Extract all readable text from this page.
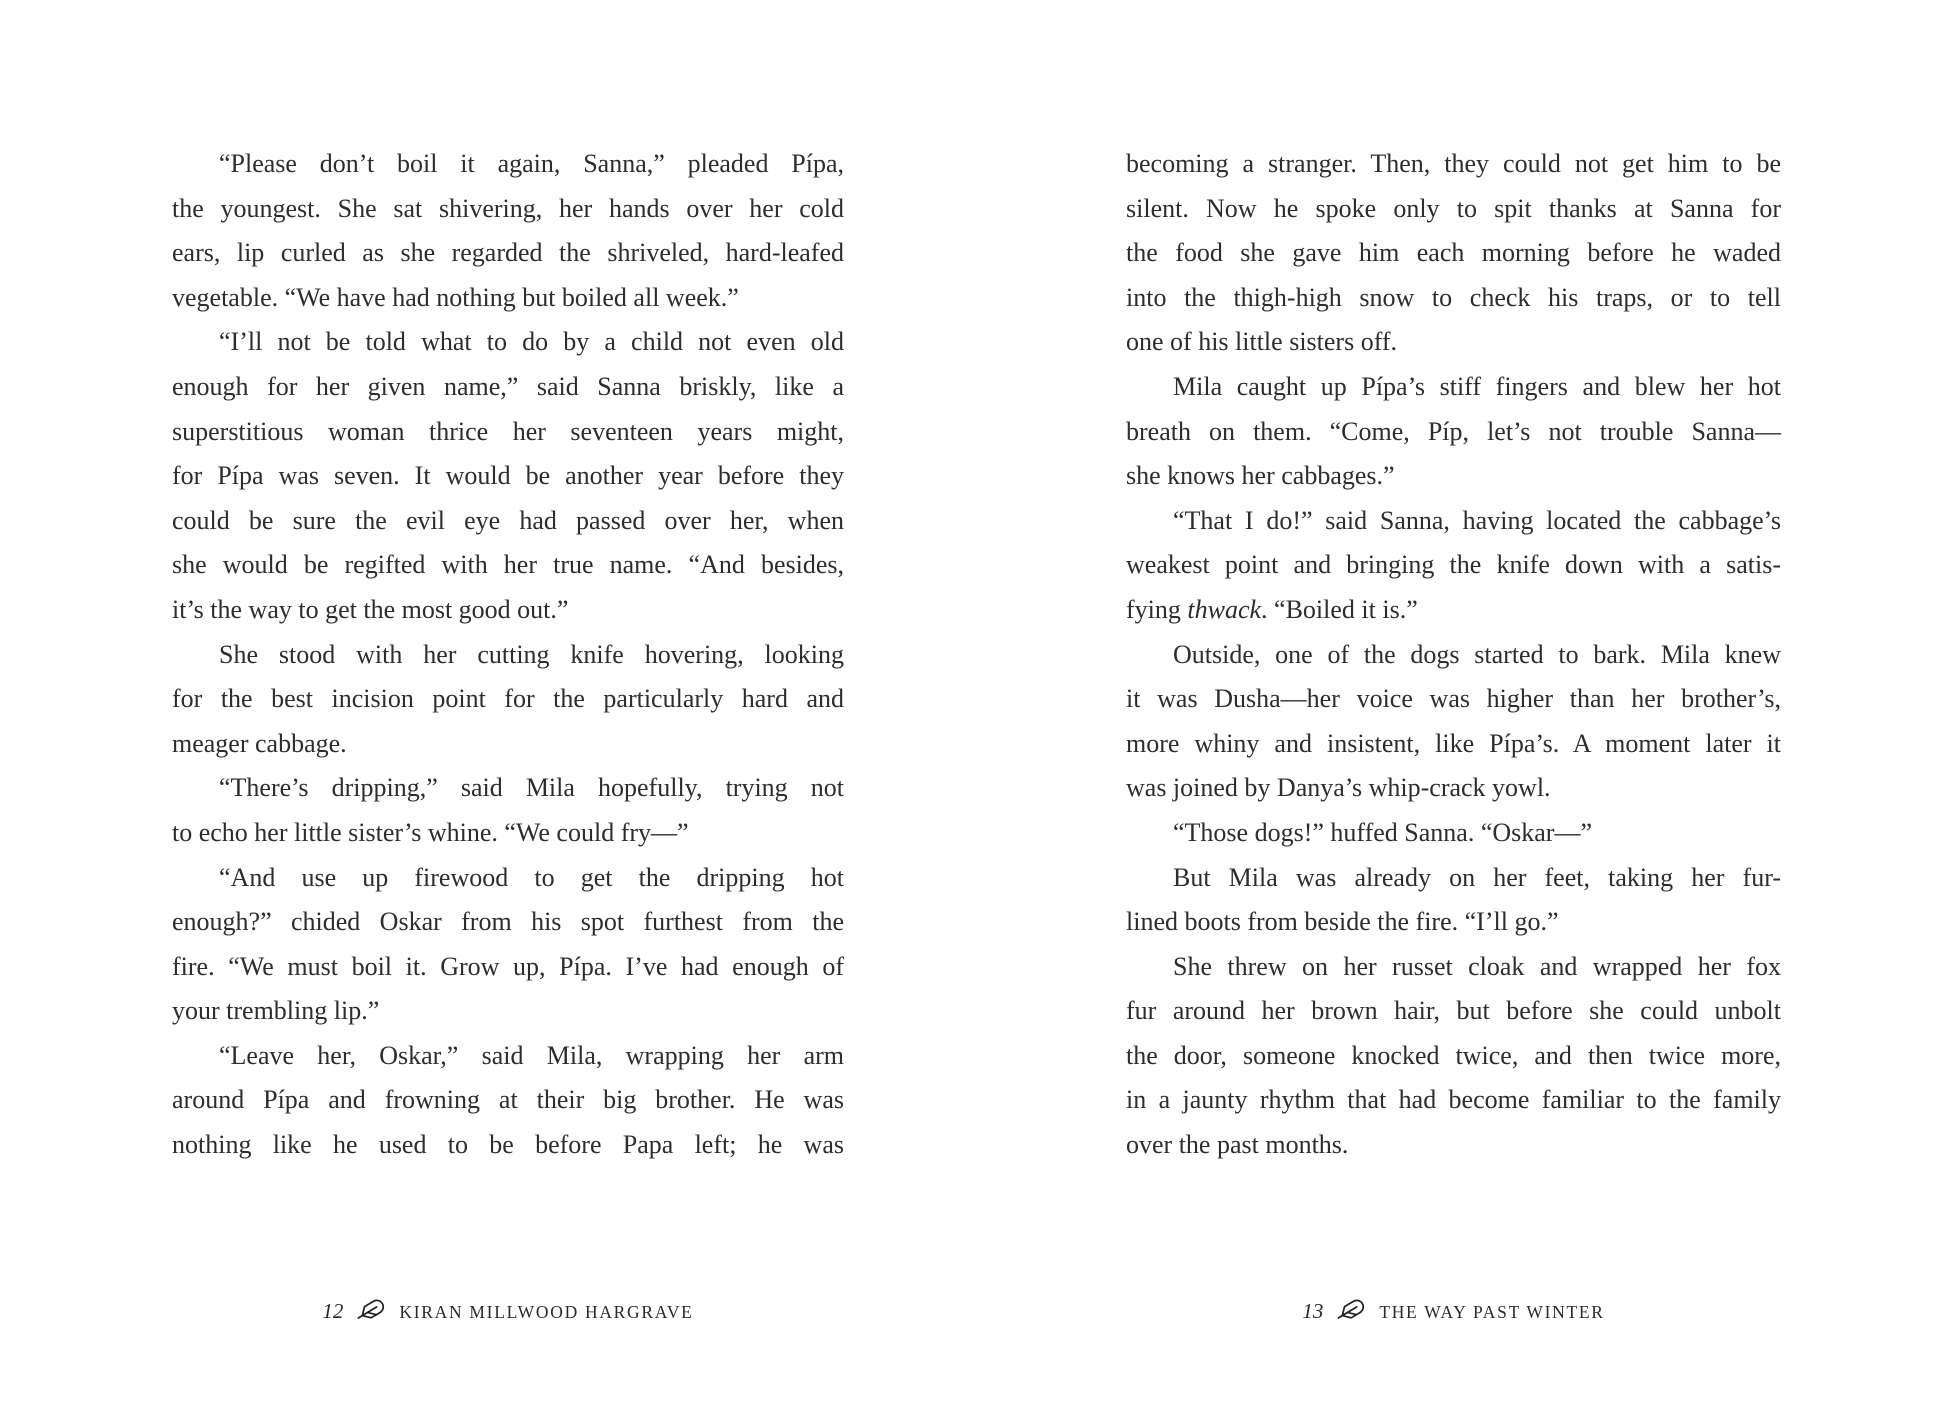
“Please don’t boil it again, Sanna,” pleaded Pípa,
the youngest. She sat shivering, her hands over her cold
ears, lip curled as she regarded the shriveled, hard-leafed
vegetable. “We have had nothing but boiled all week.”
“I’ll not be told what to do by a child not even old
enough for her given name,” said Sanna briskly, like a
superstitious woman thrice her seventeen years might,
for Pípa was seven. It would be another year before they
could be sure the evil eye had passed over her, when
she would be regifted with her true name. “And besides,
it’s the way to get the most good out.”
She stood with her cutting knife hovering, looking
for the best incision point for the particularly hard and
meager cabbage.
“There’s dripping,” said Mila hopefully, trying not
to echo her little sister’s whine. “We could fry—”
“And use up firewood to get the dripping hot
enough?” chided Oskar from his spot furthest from the
fire. “We must boil it. Grow up, Pípa. I’ve had enough of
your trembling lip.”
“Leave her, Oskar,” said Mila, wrapping her arm
around Pípa and frowning at their big brother. He was
nothing like he used to be before Papa left; he was
12	KIRAN MILLWOOD HARGRAVE
becoming a stranger. Then, they could not get him to be
silent. Now he spoke only to spit thanks at Sanna for
the food she gave him each morning before he waded
into the thigh-high snow to check his traps, or to tell
one of his little sisters off.
Mila caught up Pípa’s stiff fingers and blew her hot
breath on them. “Come, Píp, let’s not trouble Sanna—
she knows her cabbages.”
“That I do!” said Sanna, having located the cabbage’s
weakest point and bringing the knife down with a satis-
fying thwack. “Boiled it is.”
Outside, one of the dogs started to bark. Mila knew
it was Dusha—her voice was higher than her brother’s,
more whiny and insistent, like Pípa’s. A moment later it
was joined by Danya’s whip-crack yowl.
“Those dogs!” huffed Sanna. “Oskar—”
But Mila was already on her feet, taking her fur-
lined boots from beside the fire. “I’ll go.”
She threw on her russet cloak and wrapped her fox
fur around her brown hair, but before she could unbolt
the door, someone knocked twice, and then twice more,
in a jaunty rhythm that had become familiar to the family
over the past months.
13	THE WAY PAST WINTER
